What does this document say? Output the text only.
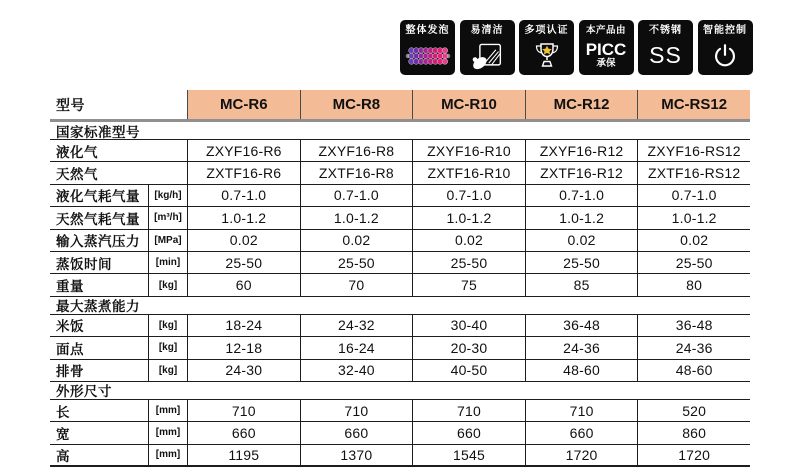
整体发泡 易清洁 多项认证 本产品由
PICC
承保
不锈钢
SS
智能控制
型号	MC-R6	MC-R8	MC-R10	MC-R12	MC-RS12
国家标准型号
液化气	ZXYF16-R6	ZXYF16-R8	ZXYF16-R10	ZXYF16-R12	ZXYF16-RS12
天然气	ZXTF16-R6	ZXTF16-R8	ZXTF16-R10	ZXTF16-R12	ZXTF16-RS12
液化气耗气量	[kg/h]	0.7-1.0	0.7-1.0	0.7-1.0	0.7-1.0	0.7-1.0
天然气耗气量	[m³/h]	1.0-1.2	1.0-1.2	1.0-1.2	1.0-1.2	1.0-1.2
输入蒸汽压力	[MPa]	0.02	0.02	0.02	0.02	0.02
蒸饭时间	[min]	25-50	25-50	25-50	25-50	25-50
重量	[kg]	60	70	75	85	80
最大蒸煮能力
米饭	[kg]	18-24	24-32	30-40	36-48	36-48
面点	[kg]	12-18	16-24	20-30	24-36	24-36
排骨	[kg]	24-30	32-40	40-50	48-60	48-60
外形尺寸
长	[mm]	710	710	710	710	520
宽	[mm]	660	660	660	660	860
高	[mm]	1195	1370	1545	1720	1720
